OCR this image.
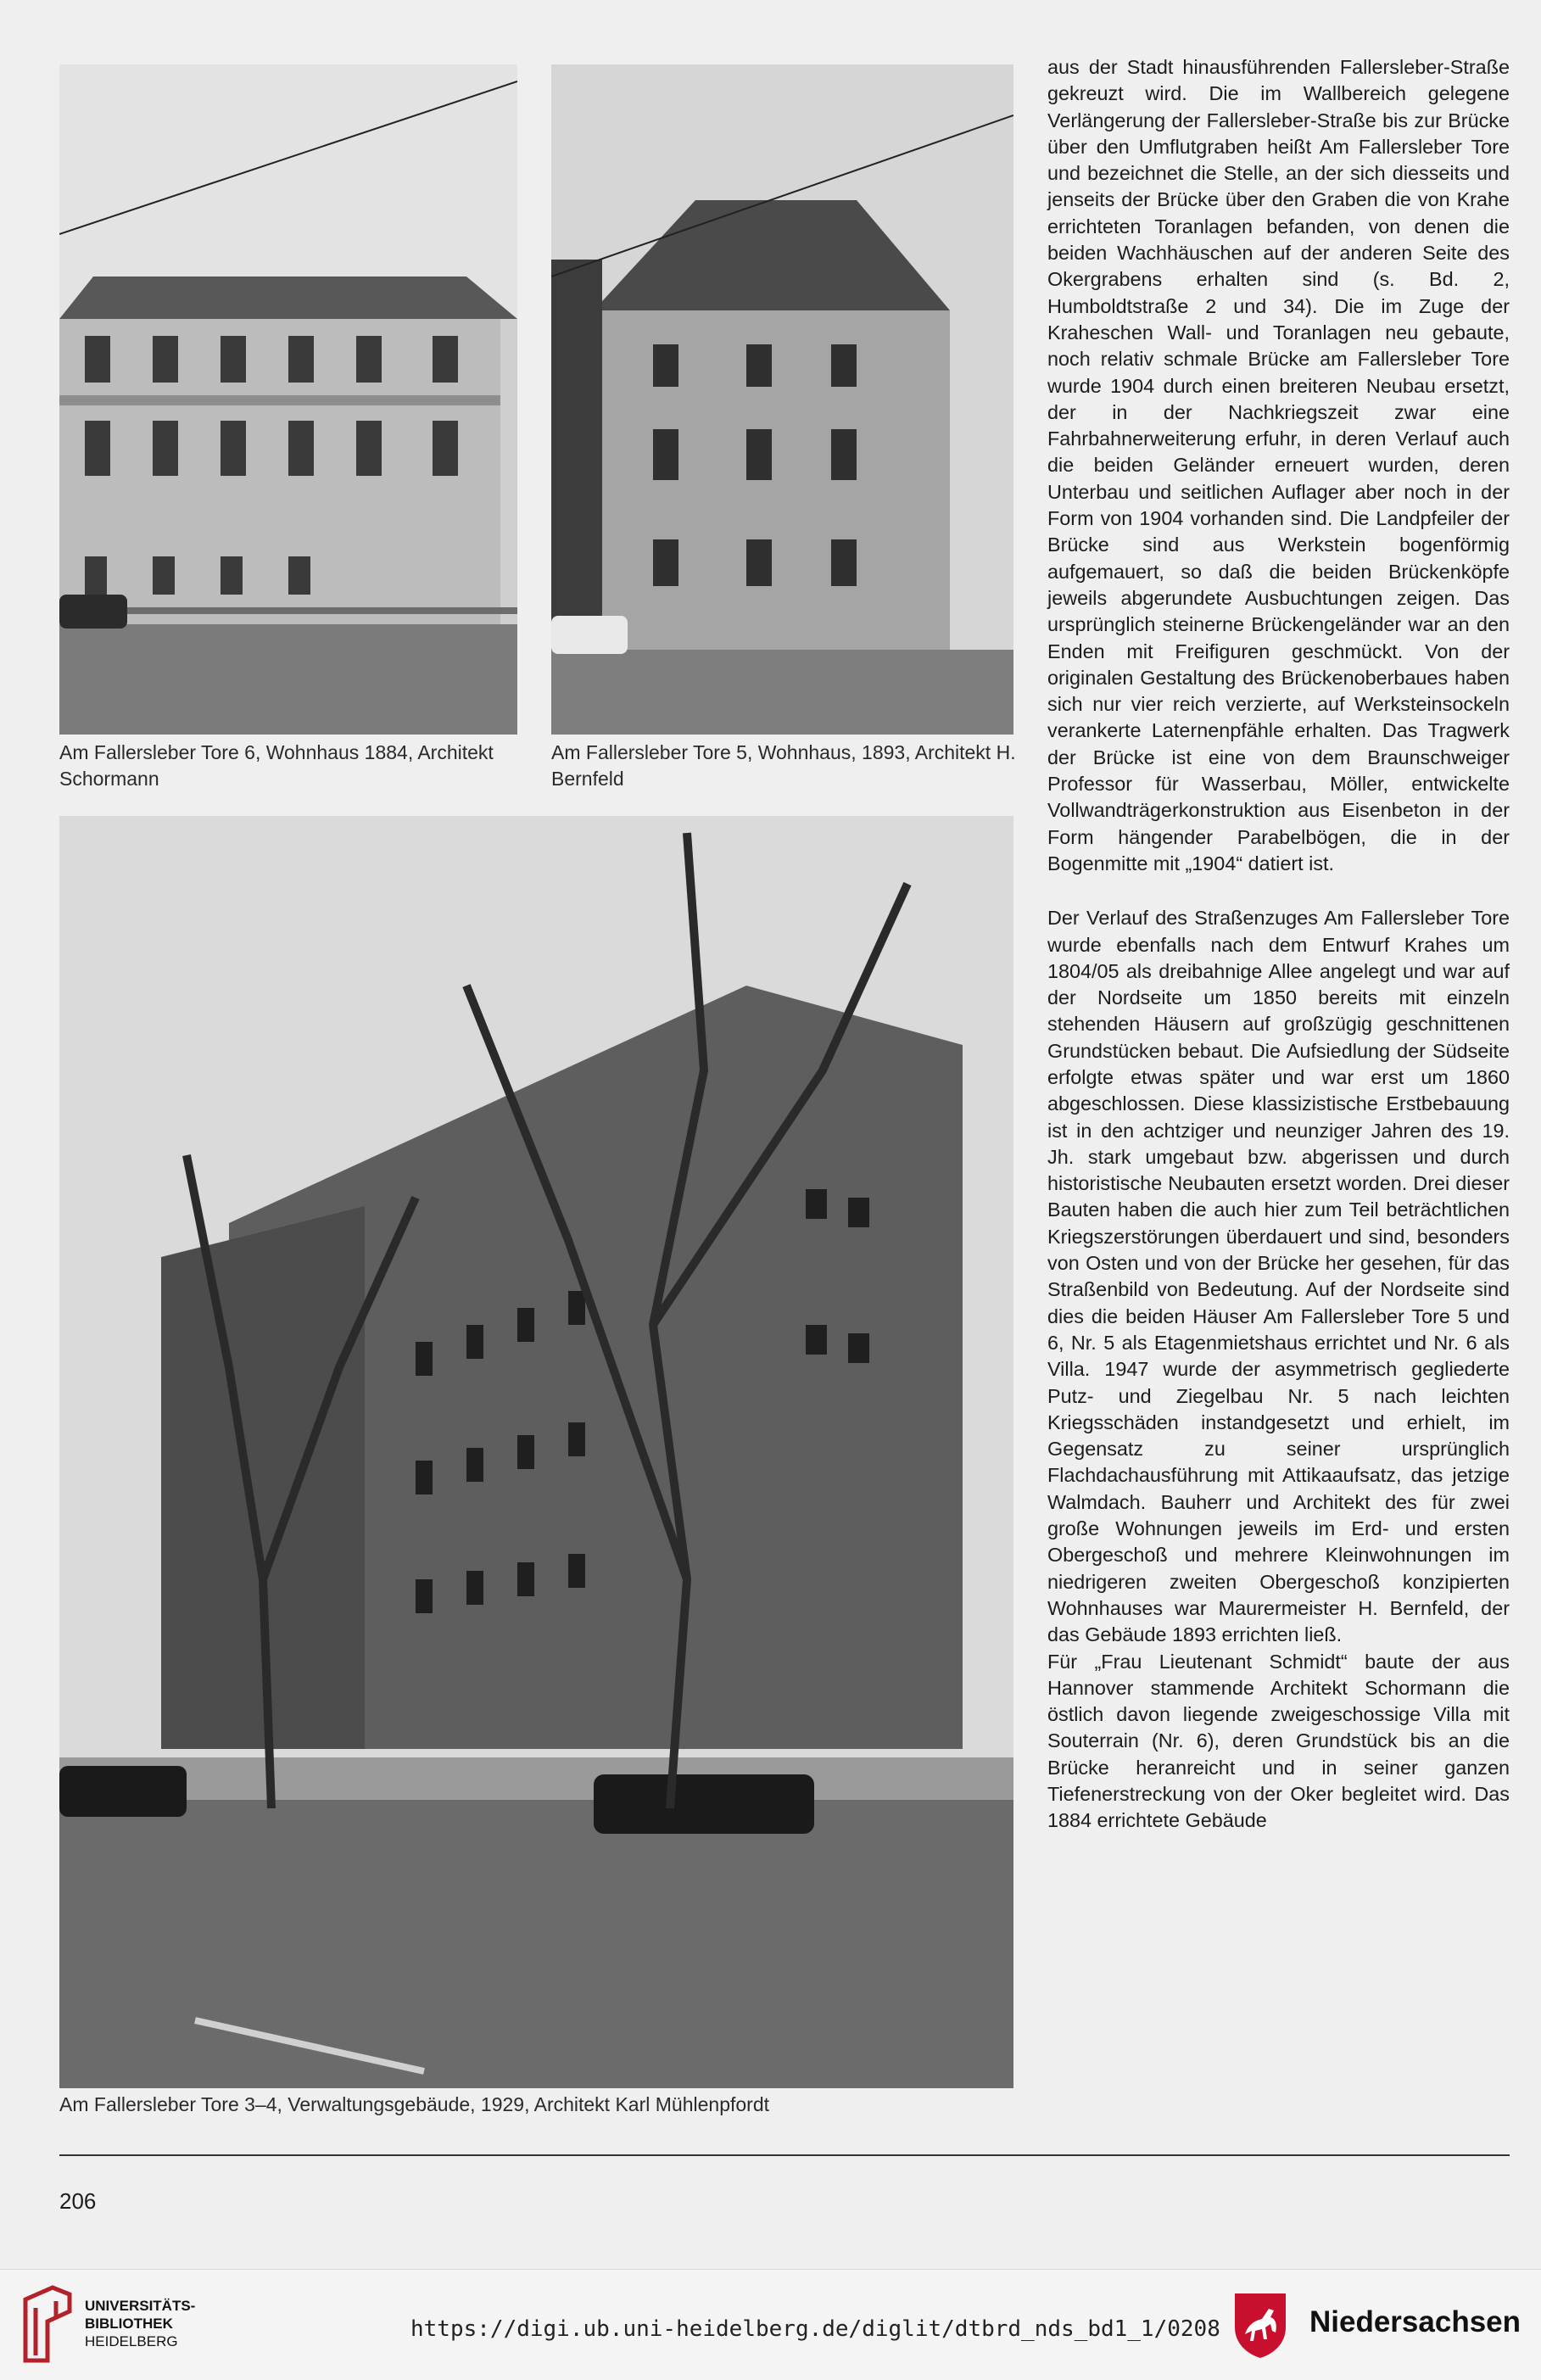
Am Fallersleber Tore 6, Wohnhaus 1884, Architekt Schormann

Am Fallersleber Tore 5, Wohnhaus, 1893, Architekt H. Bernfeld

Am Fallersleber Tore 3–4, Verwaltungsgebäude, 1929, Architekt Karl Mühlenpfordt

aus der Stadt hinausführenden Fallersleber-Straße gekreuzt wird. Die im Wallbereich gelegene Verlängerung der Fallersleber-Straße bis zur Brücke über den Umflutgraben heißt Am Fallersleber Tore und bezeichnet die Stelle, an der sich diesseits und jenseits der Brücke über den Graben die von Krahe errichteten Toranlagen befanden, von denen die beiden Wachhäuschen auf der anderen Seite des Okergrabens erhalten sind (s. Bd. 2, Humboldtstraße 2 und 34). Die im Zuge der Kraheschen Wall- und Toranlagen neu gebaute, noch relativ schmale Brücke am Fallersleber Tore wurde 1904 durch einen breiteren Neubau ersetzt, der in der Nachkriegszeit zwar eine Fahrbahnerweiterung erfuhr, in deren Verlauf auch die beiden Geländer erneuert wurden, deren Unterbau und seitlichen Auflager aber noch in der Form von 1904 vorhanden sind. Die Landpfeiler der Brücke sind aus Werkstein bogenförmig aufgemauert, so daß die beiden Brückenköpfe jeweils abgerundete Ausbuchtungen zeigen. Das ursprünglich steinerne Brückengeländer war an den Enden mit Freifiguren geschmückt. Von der originalen Gestaltung des Brückenoberbaues haben sich nur vier reich verzierte, auf Werksteinsockeln verankerte Laternenpfähle erhalten. Das Tragwerk der Brücke ist eine von dem Braunschweiger Professor für Wasserbau, Möller, entwickelte Vollwandträgerkonstruktion aus Eisenbeton in der Form hängender Parabelbögen, die in der Bogenmitte mit „1904“ datiert ist.

Der Verlauf des Straßenzuges Am Fallersleber Tore wurde ebenfalls nach dem Entwurf Krahes um 1804/05 als dreibahnige Allee angelegt und war auf der Nordseite um 1850 bereits mit einzeln stehenden Häusern auf großzügig geschnittenen Grundstücken bebaut. Die Aufsiedlung der Südseite erfolgte etwas später und war erst um 1860 abgeschlossen. Diese klassizistische Erstbebauung ist in den achtziger und neunziger Jahren des 19. Jh. stark umgebaut bzw. abgerissen und durch historistische Neubauten ersetzt worden. Drei dieser Bauten haben die auch hier zum Teil beträchtlichen Kriegszerstörungen überdauert und sind, besonders von Osten und von der Brücke her gesehen, für das Straßenbild von Bedeutung. Auf der Nordseite sind dies die beiden Häuser Am Fallersleber Tore 5 und 6, Nr. 5 als Etagenmietshaus errichtet und Nr. 6 als Villa. 1947 wurde der asymmetrisch gegliederte Putz- und Ziegelbau Nr. 5 nach leichten Kriegsschäden instandgesetzt und erhielt, im Gegensatz zu seiner ursprünglich Flachdachausführung mit Attikaaufsatz, das jetzige Walmdach. Bauherr und Architekt des für zwei große Wohnungen jeweils im Erd- und ersten Obergeschoß und mehrere Kleinwohnungen im niedrigeren zweiten Obergeschoß konzipierten Wohnhauses war Maurermeister H. Bernfeld, der das Gebäude 1893 errichten ließ.

Für „Frau Lieutenant Schmidt“ baute der aus Hannover stammende Architekt Schormann die östlich davon liegende zweigeschossige Villa mit Souterrain (Nr. 6), deren Grundstück bis an die Brücke heranreicht und in seiner ganzen Tiefenerstreckung von der Oker begleitet wird. Das 1884 errichtete Gebäude

206
UNIVERSITÄTS-
BIBLIOTHEK
HEIDELBERG	https://digi.ub.uni-heidelberg.de/diglit/dtbrd_nds_bd1_1/0208	Niedersachsen
